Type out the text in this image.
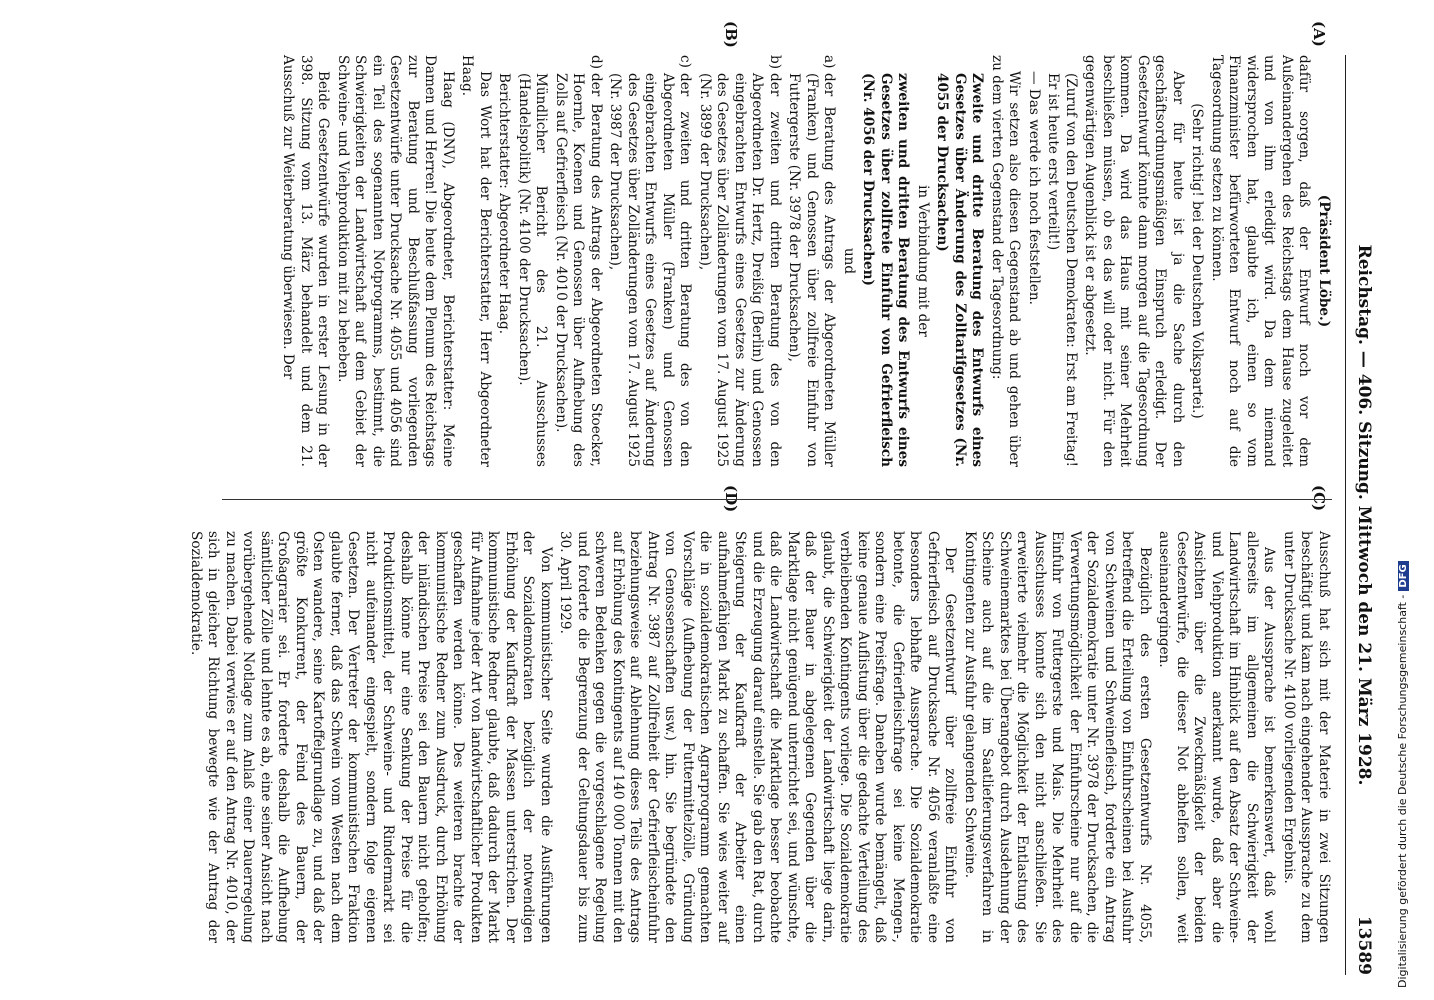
Reichstag. — 406. Sitzung. Mittwoch den 21. März 1928.
13589
(A)
(B)
(C)
(D)

(Präsident Löbe.)

dafür sorgen, daß der Entwurf noch vor dem Außeinandergehen des Reichstags dem Hause zugeleitet und von ihm erledigt wird. Da dem niemand widersprochen hat, glaubte ich, einen so vom Finanzminister befürworteten Entwurf noch auf die Tagesordnung setzen zu können.

(Sehr richtig! bei der Deutschen Volkspartei.)

Aber für heute ist ja die Sache durch den geschäftsordnungsmäßigen Einspruch erledigt. Der Gesetzentwurf könnte dann morgen auf die Tagesordnung kommen. Da wird das Haus mit seiner Mehrheit beschließen müssen, ob es das will oder nicht. Für den gegenwärtigen Augenblick ist er abgesetzt.

(Zuruf von den Deutschen Demokraten: Erst am Freitag! Er ist heute erst verteilt!)

— Das werde ich noch feststellen.

Wir setzen also diesen Gegenstand ab und gehen über zu dem vierten Gegenstand der Tagesordnung:

Zweite und dritte Beratung des Entwurfs eines Gesetzes über Änderung des Zolltarifgesetzes (Nr. 4055 der Drucksachen)

in Verbindung mit der

zweiten und dritten Beratung des Entwurfs eines Gesetzes über zollfreie Einfuhr von Gefrierfleisch (Nr. 4056 der Drucksachen)

und

a)der Beratung des Antrags der Abgeordneten Müller (Franken) und Genossen über zollfreie Einfuhr von Futtergerste (Nr. 3978 der Drucksachen),

b)der zweiten und dritten Beratung des von den Abgeordneten Dr. Hertz, Dreißig (Berlin) und Genossen eingebrachten Entwurfs eines Gesetzes zur Änderung des Gesetzes über Zolländerungen vom 17. August 1925 (Nr. 3899 der Drucksachen),

c)der zweiten und dritten Beratung des von den Abgeordneten Müller (Franken) und Genossen eingebrachten Entwurfs eines Gesetzes auf Änderung des Gesetzes über Zolländerungen vom 17. August 1925 (Nr. 3987 der Drucksachen),

d)der Beratung des Antrags der Abgeordneten Stoecker, Hoernle, Koenen und Genossen über Aufhebung des Zolls auf Gefrierfleisch (Nr. 4010 der Drucksachen).

Mündlicher Bericht des 21. Ausschusses (Handelspolitik) (Nr. 4100 der Drucksachen).

Berichterstatter: Abgeordneter Haag.

Das Wort hat der Berichterstatter, Herr Abgeordneter Haag.

Haag (DNV), Abgeordneter, Berichterstatter: Meine Damen und Herren! Die heute dem Plenum des Reichstags zur Beratung und Beschlußfassung vorliegenden Gesetzentwürfe unter Drucksache Nr. 4055 und 4056 sind ein Teil des sogenannten Notprogramms, bestimmt, die Schwierigkeiten der Landwirtschaft auf dem Gebiet der Schweine- und Viehproduktion mit zu beheben.

Beide Gesetzentwürfe wurden in erster Lesung in der 398. Sitzung vom 13. März behandelt und dem 21. Ausschuß zur Weiterberatung überwiesen. Der

Ausschuß hat sich mit der Materie in zwei Sitzungen beschäftigt und kam nach eingehender Aussprache zu dem unter Drucksache Nr. 4100 vorliegenden Ergebnis.

Aus der Aussprache ist bemerkenswert, daß wohl allerseits im allgemeinen die Schwierigkeit der Landwirtschaft im Hinblick auf den Absatz der Schweine- und Viehproduktion anerkannt wurde, daß aber die Ansichten über die Zweckmäßigkeit der beiden Gesetzentwürfe, die dieser Not abhelfen sollen, weit auseinandergingen.

Bezüglich des ersten Gesetzentwurfs Nr. 4055, betreffend die Erteilung von Einfuhrscheinen bei Ausfuhr von Schweinen und Schweinefleisch, forderte ein Antrag der Sozialdemokratie unter Nr. 3978 der Drucksachen, die Verwertungsmöglichkeit der Einfuhrscheine nur auf die Einfuhr von Futtergerste und Mais. Die Mehrheit des Ausschusses konnte sich den nicht anschließen. Sie erweiterte vielmehr die Möglichkeit der Entlastung des Schweinemarktes bei Überangebot durch Ausdehnung der Scheine auch auf die im Saatlieferungsverfahren in Kontingenten zur Ausfuhr gelangenden Schweine.

Der Gesetzentwurf über zollfreie Einfuhr von Gefrierfleisch auf Drucksache Nr. 4056 veranlaßte eine besonders lebhafte Aussprache. Die Sozialdemokratie betonte, die Gefrierfleischfrage sei keine Mengen-, sondern eine Preisfrage. Daneben wurde bemängelt, daß keine genaue Auflistung über die gedachte Verteilung des verbleibenden Kontingents vorliege. Die Sozialdemokratie glaubt, die Schwierigkeit der Landwirtschaft liege darin, daß der Bauer in abgelegenen Gegenden über die Marktlage nicht genügend unterrichtet sei, und wünschte, daß die Landwirtschaft die Marktlage besser beobachte und die Erzeugung darauf einstelle. Sie gab den Rat, durch Steigerung der Kaufkraft der Arbeiter einen aufnahmefähigen Markt zu schaffen. Sie wies weiter auf die in sozialdemokratischen Agrarprogramm gemachten Vorschläge (Aufhebung der Futtermittelzölle, Gründung von Genossenschaften usw.) hin. Sie begründete den Antrag Nr. 3987 auf Zollfreiheit der Gefrierfleischeinfuhr beziehungsweise auf Ablehnung dieses Teils des Antrags auf Erhöhung des Kontingents auf 140 000 Tonnen mit den schweren Bedenken gegen die vorgeschlagene Regelung und forderte die Begrenzung der Geltungsdauer bis zum 30. April 1929.

Von kommunistischer Seite wurden die Ausführungen der Sozialdemokraten bezüglich der notwendigen Erhöhung der Kaufkraft der Massen unterstrichen. Der kommunistische Redner glaubte, daß dadurch der Markt für Aufnahme jeder Art von landwirtschaftlicher Produkten geschaffen werden könne. Des weiteren brachte der kommunistische Redner zum Ausdruck, durch Erhöhung der inländischen Preise sei den Bauern nicht geholfen; deshalb könne nur eine Senkung der Preise für die Produktionsmittel, der Schweine- und Rindermarkt sei nicht aufeinander eingespielt, sondern folge eigenen Gesetzen. Der Vertreter der kommunistischen Fraktion glaubte ferner, daß das Schwein vom Westen nach dem Osten wandere, seine Kartoffelgrundlage zu, und daß der größte Konkurrent, der Feind des Bauern, der Großagrarier sei. Er forderte deshalb die Aufhebung sämtlicher Zölle und lehnte es ab, eine seiner Ansicht nach vorübergehende Notlage zum Anlaß einer Dauerregelung zu machen. Dabei verwies er auf den Antrag Nr. 4010, der sich in gleicher Richtung bewegte wie der Antrag der Sozialdemokratie.

Digitalisierung gefördert durch die Deutsche Forschungsgemeinschaft -DFG
